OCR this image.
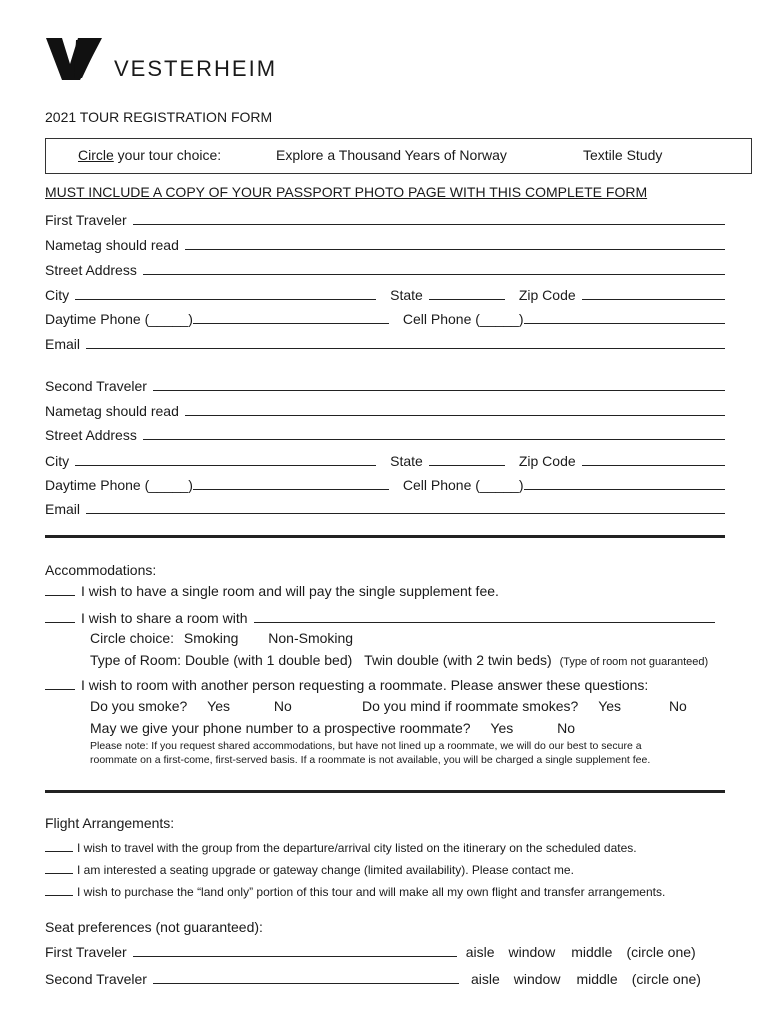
VESTERHEIM
2021 TOUR REGISTRATION FORM
Circle your tour choice:	Explore a Thousand Years of Norway	Textile Study
MUST INCLUDE A COPY OF YOUR PASSPORT PHOTO PAGE WITH THIS COMPLETE FORM
First Traveler
Nametag should read
Street Address
City	State	Zip Code
Daytime Phone (_____)	Cell Phone (_____)
Email
Second Traveler
Nametag should read
Street Address
City	State	Zip Code
Daytime Phone (_____)	Cell Phone (_____)
Email
Accommodations:
I wish to have a single room and will pay the single supplement fee.
I wish to share a room with
Circle choice: Smoking Non-Smoking
Type of Room: Double (with 1 double bed) Twin double (with 2 twin beds) (Type of room not guaranteed)
I wish to room with another person requesting a roommate. Please answer these questions:
Do you smoke? Yes	No	Do you mind if roommate smokes? Yes	No
May we give your phone number to a prospective roommate? Yes	No
Please note: If you request shared accommodations, but have not lined up a roommate, we will do our best to secure a
roommate on a first-come, first-served basis. If a roommate is not available, you will be charged a single supplement fee.
Flight Arrangements:
I wish to travel with the group from the departure/arrival city listed on the itinerary on the scheduled dates.
I am interested a seating upgrade or gateway change (limited availability). Please contact me.
I wish to purchase the “land only” portion of this tour and will make all my own flight and transfer arrangements.
Seat preferences (not guaranteed):
First Traveler	aisle window middle (circle one)
Second Traveler	aisle window middle (circle one)
